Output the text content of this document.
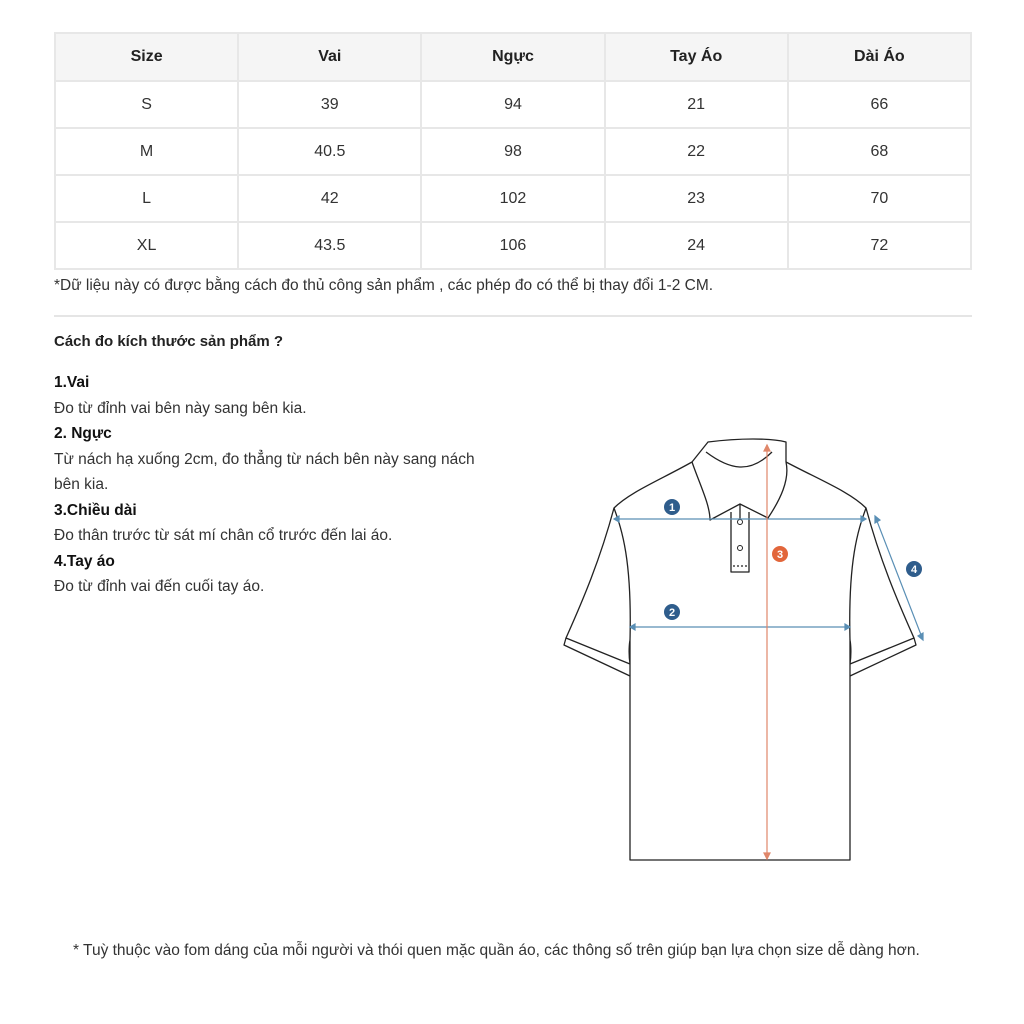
Size	Vai	Ngực	Tay Áo	Dài Áo
S	39	94	21	66
M	40.5	98	22	68
L	42	102	23	70
XL	43.5	106	24	72
*Dữ liệu này có được bằng cách đo thủ công sản phẩm , các phép đo có thể bị thay đổi 1-2 CM.
Cách đo kích thước sản phẩm ?
1.Vai
Đo từ đỉnh vai bên này sang bên kia.
2. Ngực
Từ nách hạ xuống 2cm, đo thẳng từ nách bên này sang nách bên kia.
3.Chiều dài
Đo thân trước từ sát mí chân cổ trước đến lai áo.
4.Tay áo
Đo từ đỉnh vai đến cuối tay áo.
1
2
3
4
* Tuỳ thuộc vào fom dáng của mỗi người và thói quen mặc quần áo, các thông số trên giúp bạn lựa chọn size dễ dàng hơn.
